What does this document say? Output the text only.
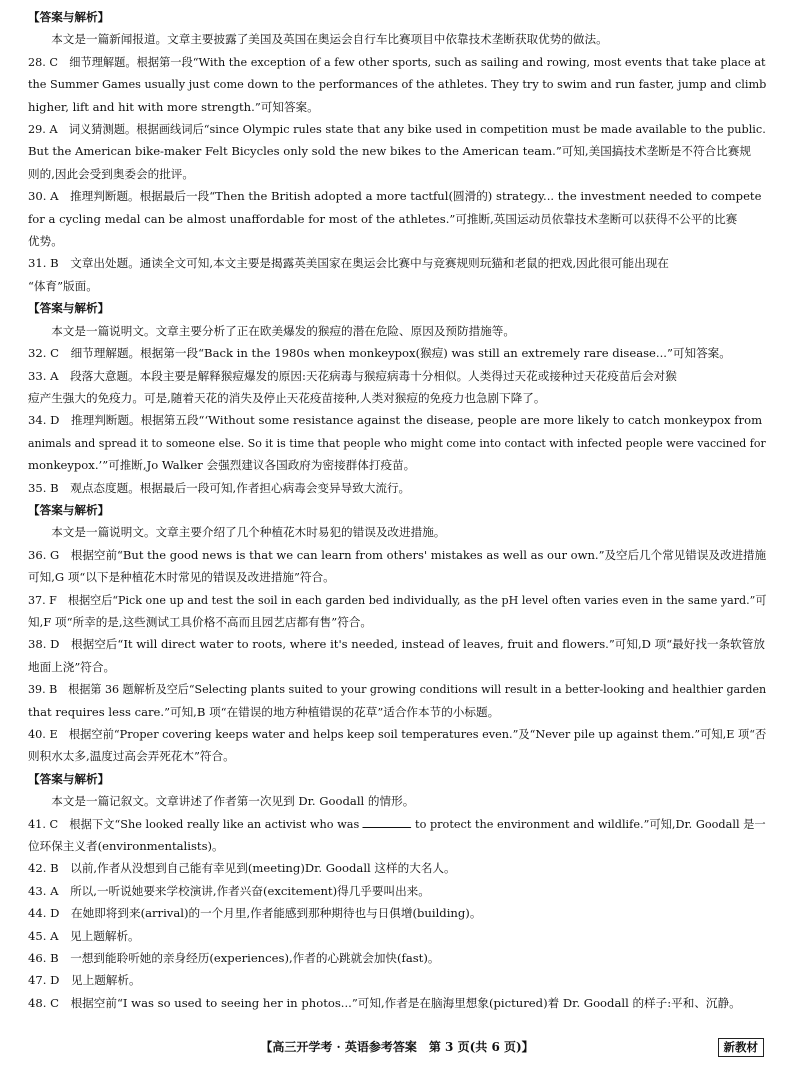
【答案与解析】
本文是一篇新闻报道。文章主要披露了美国及英国在奥运会自行车比赛项目中依靠技术垄断获取优势的做法。
28. C　细节理解题。根据第一段“With the exception of a few other sports, such as sailing and rowing, most events that take place at
the Summer Games usually just come down to the performances of the athletes. They try to swim and run faster, jump and climb
higher, lift and hit with more strength.”可知答案。
29. A　词义猜测题。根据画线词后“since Olympic rules state that any bike used in competition must be made available to the public.
But the American bike-maker Felt Bicycles only sold the new bikes to the American team.”可知,美国搞技术垄断是不符合比赛规
则的,因此会受到奥委会的批评。
30. A　推理判断题。根据最后一段“Then the British adopted a more tactful(圆滑的) strategy... the investment needed to compete
for a cycling medal can be almost unaffordable for most of the athletes.”可推断,英国运动员依靠技术垄断可以获得不公平的比赛
优势。
31. B　文章出处题。通读全文可知,本文主要是揭露英美国家在奥运会比赛中与竞赛规则玩猫和老鼠的把戏,因此很可能出现在
“体育”版面。
【答案与解析】
本文是一篇说明文。文章主要分析了正在欧美爆发的猴痘的潜在危险、原因及预防措施等。
32. C　细节理解题。根据第一段“Back in the 1980s when monkeypox(猴痘) was still an extremely rare disease...”可知答案。
33. A　段落大意题。本段主要是解释猴痘爆发的原因:天花病毒与猴痘病毒十分相似。人类得过天花或接种过天花疫苗后会对猴
痘产生强大的免疫力。可是,随着天花的消失及停止天花疫苗接种,人类对猴痘的免疫力也急剧下降了。
34. D　推理判断题。根据第五段“‘Without some resistance against the disease, people are more likely to catch monkeypox from
animals and spread it to someone else. So it is time that people who might come into contact with infected people were vaccined for
monkeypox.’”可推断,Jo Walker 会强烈建议各国政府为密接群体打疫苗。
35. B　观点态度题。根据最后一段可知,作者担心病毒会变异导致大流行。
【答案与解析】
本文是一篇说明文。文章主要介绍了几个种植花木时易犯的错误及改进措施。
36. G　根据空前“But the good news is that we can learn from others' mistakes as well as our own.”及空后几个常见错误及改进措施
可知,G 项“以下是种植花木时常见的错误及改进措施”符合。
37. F　根据空后“Pick one up and test the soil in each garden bed individually, as the pH level often varies even in the same yard.”可
知,F 项“所幸的是,这些测试工具价格不高而且园艺店都有售”符合。
38. D　根据空后“It will direct water to roots, where it's needed, instead of leaves, fruit and flowers.”可知,D 项“最好找一条软管放
地面上浇”符合。
39. B　根据第 36 题解析及空后“Selecting plants suited to your growing conditions will result in a better-looking and healthier garden
that requires less care.”可知,B 项“在错误的地方种植错误的花草”适合作本节的小标题。
40. E　根据空前“Proper covering keeps water and helps keep soil temperatures even.”及“Never pile up against them.”可知,E 项“否
则积水太多,温度过高会弄死花木”符合。
【答案与解析】
本文是一篇记叙文。文章讲述了作者第一次见到 Dr. Goodall 的情形。
41. C　根据下文“She looked really like an activist who was	to protect the environment and wildlife.”可知,Dr. Goodall 是一
位环保主义者(environmentalists)。
42. B　以前,作者从没想到自己能有幸见到(meeting)Dr. Goodall 这样的大名人。
43. A　所以,一听说她要来学校演讲,作者兴奋(excitement)得几乎要叫出来。
44. D　在她即将到来(arrival)的一个月里,作者能感到那种期待也与日俱增(building)。
45. A　见上题解析。
46. B　一想到能聆听她的亲身经历(experiences),作者的心跳就会加快(fast)。
47. D　见上题解析。
48. C　根据空前“I was so used to seeing her in photos...”可知,作者是在脑海里想象(pictured)着 Dr. Goodall 的样子:平和、沉静。
【高三开学考 · 英语参考答案　第 3 页(共 6 页)】	新教材
